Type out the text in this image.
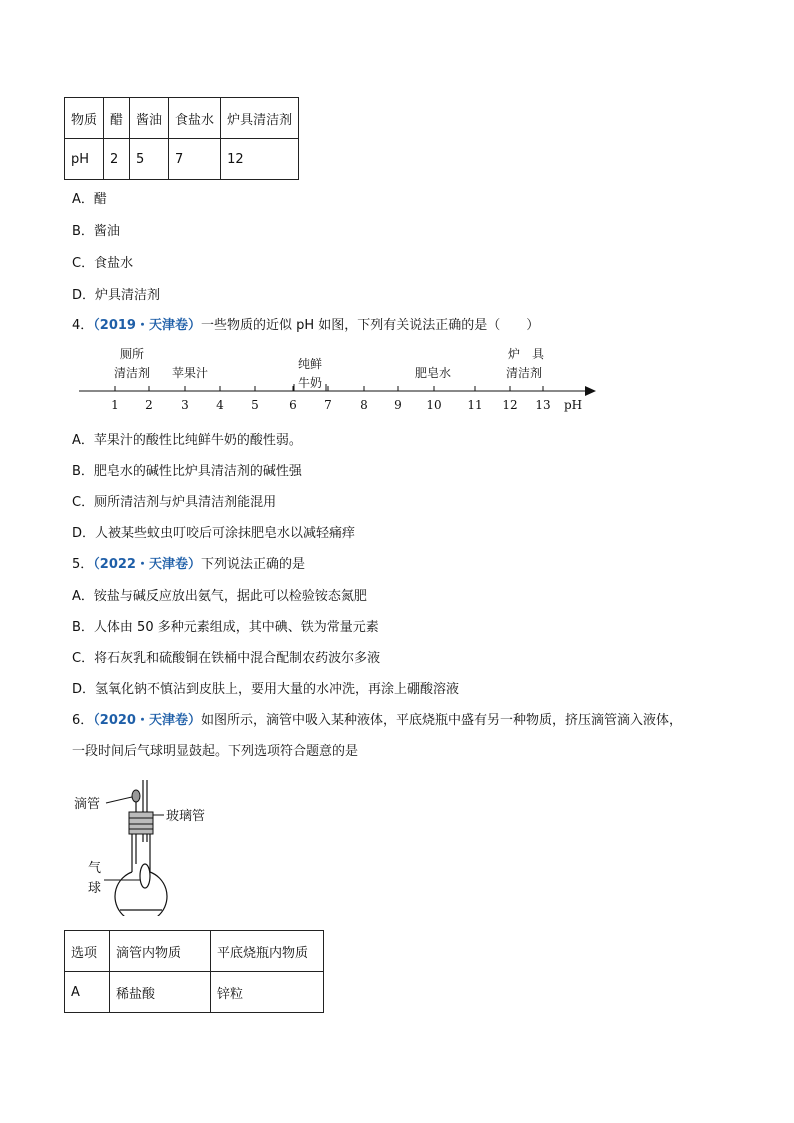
物质	醋	酱油	食盐水	炉具清洁剂
pH	2	5	7	12
A．醋
B．酱油
C．食盐水
D．炉具清洁剂
4．（2019・天津卷）一些物质的近似 pH 如图，下列有关说法正确的是（　　）
1 2 3 4 5	6 7 8 9 10 11 12 13
厕所
清洁剂 苹果汁
纯鲜
牛奶
肥皂水
炉　具
清洁剂
pH
A．苹果汁的酸性比纯鲜牛奶的酸性弱。
B．肥皂水的碱性比炉具清洁剂的碱性强
C．厕所清洁剂与炉具清洁剂能混用
D．人被某些蚊虫叮咬后可涂抹肥皂水以减轻痛痒
5．（2022・天津卷）下列说法正确的是
A．铵盐与碱反应放出氨气，据此可以检验铵态氮肥
B．人体由 50 多种元素组成，其中碘、铁为常量元素
C．将石灰乳和硫酸铜在铁桶中混合配制农药波尔多液
D．氢氧化钠不慎沾到皮肤上，要用大量的水冲洗，再涂上硼酸溶液
6．（2020・天津卷）如图所示，滴管中吸入某种液体，平底烧瓶中盛有另一种物质，挤压滴管滴入液体，
一段时间后气球明显鼓起。下列选项符合题意的是
滴管
玻璃管
气
球
选项	滴管内物质	平底烧瓶内物质
A	稀盐酸	锌粒
